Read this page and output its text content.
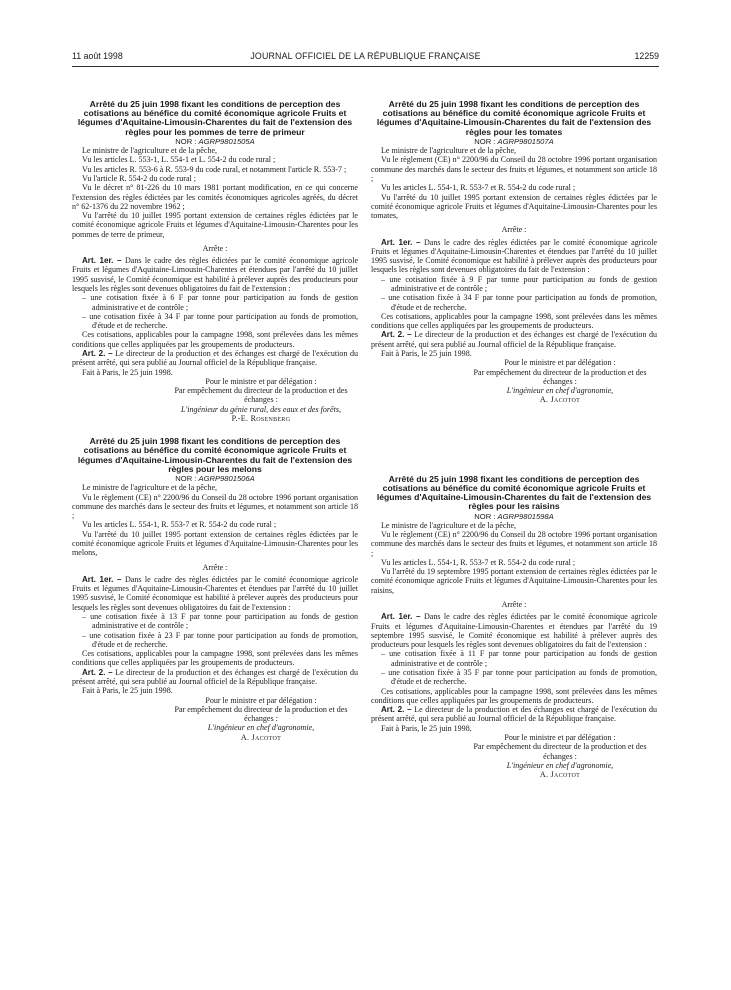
11 août 1998	JOURNAL OFFICIEL DE LA RÉPUBLIQUE FRANÇAISE	12259

Arrêté du 25 juin 1998 fixant les conditions de perception des cotisations au bénéfice du comité économique agricole Fruits et légumes d'Aquitaine-Limousin-Charentes du fait de l'extension des règles pour les pommes de terre de primeur

NOR : AGRP9801505A

Le ministre de l'agriculture et de la pêche,

Vu les articles L. 553-1, L. 554-1 et L. 554-2 du code rural ;

Vu les articles R. 553-6 à R. 553-9 du code rural, et notamment l'article R. 553-7 ;

Vu l'article R. 554-2 du code rural ;

Vu le décret n° 81-226 du 10 mars 1981 portant modification, en ce qui concerne l'extension des règles édictées par les comités économiques agricoles agréés, du décret n° 62-1376 du 22 novembre 1962 ;

Vu l'arrêté du 10 juillet 1995 portant extension de certaines règles édictées par le comité économique agricole Fruits et légumes d'Aquitaine-Limousin-Charentes pour les pommes de terre de primeur,

Arrête :

Art. 1er. – Dans le cadre des règles édictées par le comité économique agricole Fruits et légumes d'Aquitaine-Limousin-Charentes et étendues par l'arrêté du 10 juillet 1995 susvisé, le Comité économique est habilité à prélever auprès des producteurs pour lesquels les règles sont devenues obligatoires du fait de l'extension :

– une cotisation fixée à 6 F par tonne pour participation au fonds de gestion administrative et de contrôle ;

– une cotisation fixée à 34 F par tonne pour participation au fonds de promotion, d'étude et de recherche.

Ces cotisations, applicables pour la campagne 1998, sont prélevées dans les mêmes conditions que celles appliquées par les groupements de producteurs.

Art. 2. – Le directeur de la production et des échanges est chargé de l'exécution du présent arrêté, qui sera publié au Journal officiel de la République française.

Fait à Paris, le 25 juin 1998.

Pour le ministre et par délégation :

Par empêchement du directeur de la production et des échanges :

L'ingénieur du génie rural, des eaux et des forêts,

P.-E. Rosenberg

Arrêté du 25 juin 1998 fixant les conditions de perception des cotisations au bénéfice du comité économique agricole Fruits et légumes d'Aquitaine-Limousin-Charentes du fait de l'extension des règles pour les melons

NOR : AGRP9801506A

Le ministre de l'agriculture et de la pêche,

Vu le règlement (CE) n° 2200/96 du Conseil du 28 octobre 1996 portant organisation commune des marchés dans le secteur des fruits et légumes, et notamment son article 18 ;

Vu les articles L. 554-1, R. 553-7 et R. 554-2 du code rural ;

Vu l'arrêté du 10 juillet 1995 portant extension de certaines règles édictées par le comité économique agricole Fruits et légumes d'Aquitaine-Limousin-Charentes pour les melons,

Arrête :

Art. 1er. – Dans le cadre des règles édictées par le comité économique agricole Fruits et légumes d'Aquitaine-Limousin-Charentes et étendues par l'arrêté du 10 juillet 1995 susvisé, le Comité économique est habilité à prélever auprès des producteurs pour lesquels les règles sont devenues obligatoires du fait de l'extension :

– une cotisation fixée à 13 F par tonne pour participation au fonds de gestion administrative et de contrôle ;

– une cotisation fixée à 23 F par tonne pour participation au fonds de promotion, d'étude et de recherche.

Ces cotisations, applicables pour la campagne 1998, sont prélevées dans les mêmes conditions que celles appliquées par les groupements de producteurs.

Art. 2. – Le directeur de la production et des échanges est chargé de l'exécution du présent arrêté, qui sera publié au Journal officiel de la République française.

Fait à Paris, le 25 juin 1998.

Pour le ministre et par délégation :

Par empêchement du directeur de la production et des échanges :

L'ingénieur en chef d'agronomie,

A. Jacotot

Arrêté du 25 juin 1998 fixant les conditions de perception des cotisations au bénéfice du comité économique agricole Fruits et légumes d'Aquitaine-Limousin-Charentes du fait de l'extension des règles pour les tomates

NOR : AGRP9801507A

Le ministre de l'agriculture et de la pêche,

Vu le règlement (CE) n° 2200/96 du Conseil du 28 octobre 1996 portant organisation commune des marchés dans le secteur des fruits et légumes, et notamment son article 18 ;

Vu les articles L. 554-1, R. 553-7 et R. 554-2 du code rural ;

Vu l'arrêté du 10 juillet 1995 portant extension de certaines règles édictées par le comité économique agricole Fruits et légumes d'Aquitaine-Limousin-Charentes pour les tomates,

Arrête :

Art. 1er. – Dans le cadre des règles édictées par le comité économique agricole Fruits et légumes d'Aquitaine-Limousin-Charentes et étendues par l'arrêté du 10 juillet 1995 susvisé, le Comité économique est habilité à prélever auprès des producteurs pour lesquels les règles sont devenues obligatoires du fait de l'extension :

– une cotisation fixée à 9 F par tonne pour participation au fonds de gestion administrative et de contrôle ;

– une cotisation fixée à 34 F par tonne pour participation au fonds de promotion, d'étude et de recherche.

Ces cotisations, applicables pour la campagne 1998, sont prélevées dans les mêmes conditions que celles appliquées par les groupements de producteurs.

Art. 2. – Le directeur de la production et des échanges est chargé de l'exécution du présent arrêté, qui sera publié au Journal officiel de la République française.

Fait à Paris, le 25 juin 1998.

Pour le ministre et par délégation :

Par empêchement du directeur de la production et des échanges :

L'ingénieur en chef d'agronomie,

A. Jacotot

Arrêté du 25 juin 1998 fixant les conditions de perception des cotisations au bénéfice du comité économique agricole Fruits et légumes d'Aquitaine-Limousin-Charentes du fait de l'extension des règles pour les raisins

NOR : AGRP9801598A

Le ministre de l'agriculture et de la pêche,

Vu le règlement (CE) n° 2200/96 du Conseil du 28 octobre 1996 portant organisation commune des marchés dans le secteur des fruits et légumes, et notamment son article 18 ;

Vu les articles L. 554-1, R. 553-7 et R. 554-2 du code rural ;

Vu l'arrêté du 19 septembre 1995 portant extension de certaines règles édictées par le comité économique agricole Fruits et légumes d'Aquitaine-Limousin-Charentes pour les raisins,

Arrête :

Art. 1er. – Dans le cadre des règles édictées par le comité économique agricole Fruits et légumes d'Aquitaine-Limousin-Charentes et étendues par l'arrêté du 19 septembre 1995 susvisé, le Comité économique est habilité à prélever auprès des producteurs pour lesquels les règles sont devenues obligatoires du fait de l'extension :

– une cotisation fixée à 11 F par tonne pour participation au fonds de gestion administrative et de contrôle ;

– une cotisation fixée à 35 F par tonne pour participation au fonds de promotion, d'étude et de recherche.

Ces cotisations, applicables pour la campagne 1998, sont prélevées dans les mêmes conditions que celles appliquées par les groupements de producteurs.

Art. 2. – Le directeur de la production et des échanges est chargé de l'exécution du présent arrêté, qui sera publié au Journal officiel de la République française.

Fait à Paris, le 25 juin 1998.

Pour le ministre et par délégation :

Par empêchement du directeur de la production et des échanges :

L'ingénieur en chef d'agronomie,

A. Jacotot
